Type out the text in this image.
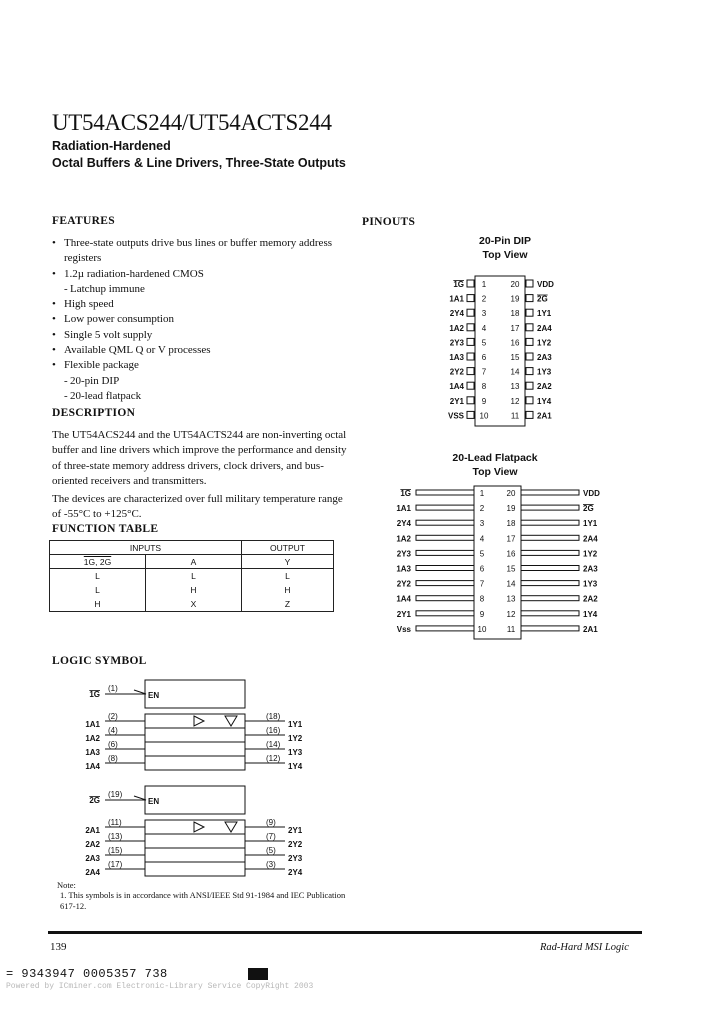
UT54ACS244/UT54ACTS244
Radiation-Hardened
Octal Buffers & Line Drivers, Three-State Outputs
FEATURES
• Three-state outputs drive bus lines or buffer memory address registers
• 1.2µ radiation-hardened CMOS
- Latchup immune
• High speed
• Low power consumption
• Single 5 volt supply
• Available QML Q or V processes
• Flexible package
- 20-pin DIP
- 20-lead flatpack
DESCRIPTION
The UT54ACS244 and the UT54ACTS244 are non-inverting octal buffer and line drivers which improve the performance and density of three-state memory address drivers, clock drivers, and bus-oriented receivers and transmitters.
The devices are characterized over full military temperature range of -55°C to +125°C.
FUNCTION TABLE
INPUTS		OUTPUT
1G, 2G	A	Y
L	L	L
L	H	H
H	X	Z
LOGIC SYMBOL
PINOUTS
20-Pin DIP
Top View
20-Lead Flatpack
Top View
1G 1	20 VDD
1A1 2	19 2G
2Y4 3	18 1Y1
1A2 4	17 2A4
2Y3 5	16 1Y2
1A3 6	15 2A3
2Y2 7	14 1Y3
1A4 8	13 2A2
2Y1 9	12 1Y4
VSS 10	11 2A1
1G	1	20	VDD
1A1	2	19	2G
2Y4	3	18	1Y1
1A2	4	17	2A4
2Y3	5	16	1Y2
1A3	6	15	2A3
2Y2	7	14	1Y3
1A4	8	13	2A2
2Y1	9	12	1Y4
Vss	10	11	2A1
1G
(1)
EN
1A1
(2)	(18)
1Y1
1A2
(4)	(16)
1Y2
1A3
(6)	(14)
1Y3
1A4
(8)	(12)
1Y4
2G
(19)
EN
2A1
(11)	(9)
2Y1
2A2
(13)	(7)
2Y2
2A3
(15)	(5)
2Y3
2A4
(17)	(3)
2Y4
Note:
1. This symbols is in accordance with ANSI/IEEE Std 91-1984 and IEC Publication 617-12.
139	Rad-Hard MSI Logic
= 9343947 0005357 738
Powered by ICminer.com Electronic-Library Service CopyRight 2003
